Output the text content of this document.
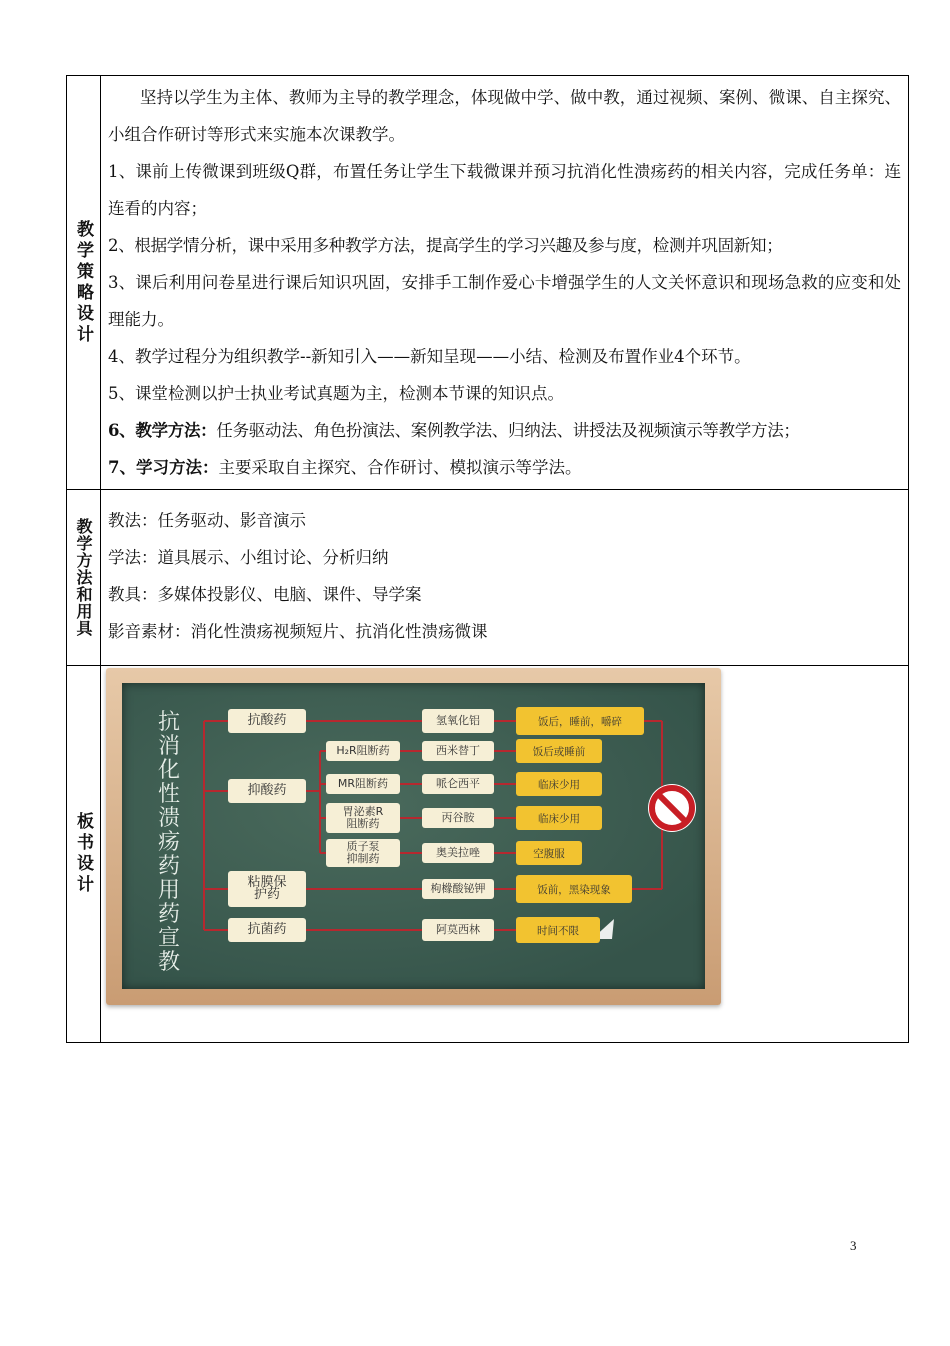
教学策略设计

坚持以学生为主体、教师为主导的教学理念，体现做中学、做中教，通过视频、案例、微课、自主探究、小组合作研讨等形式来实施本次课教学。

1、课前上传微课到班级Q群，布置任务让学生下载微课并预习抗消化性溃疡药的相关内容，完成任务单：连连看的内容；

2、根据学情分析，课中采用多种教学方法，提高学生的学习兴趣及参与度，检测并巩固新知；

3、课后利用问卷星进行课后知识巩固，安排手工制作爱心卡增强学生的人文关怀意识和现场急救的应变和处理能力。

4、教学过程分为组织教学--新知引入——新知呈现——小结、检测及布置作业4个环节。

5、课堂检测以护士执业考试真题为主，检测本节课的知识点。

6、教学方法：任务驱动法、角色扮演法、案例教学法、归纳法、讲授法及视频演示等教学方法；

7、学习方法：主要采取自主探究、合作研讨、模拟演示等学法。

教学方法和用具 教法：任务驱动、影音演示

学法：道具展示、小组讨论、分析归纳

教具：多媒体投影仪、电脑、课件、导学案

影音素材：消化性溃疡视频短片、抗消化性溃疡微课

板书设计
抗消化性溃疡药用药宣教
抗酸药
抑酸药
粘膜保护药
抗菌药
H₂R阻断药
MR阻断药
胃泌素R阻断药
质子泵抑制药
氢氧化铝
西米替丁
哌仑西平
丙谷胺
奥美拉唑
枸橼酸铋钾
阿莫西林
饭后，睡前，嚼碎
饭后或睡前
临床少用
临床少用
空腹服
饭前，黑染现象
时间不限
3
